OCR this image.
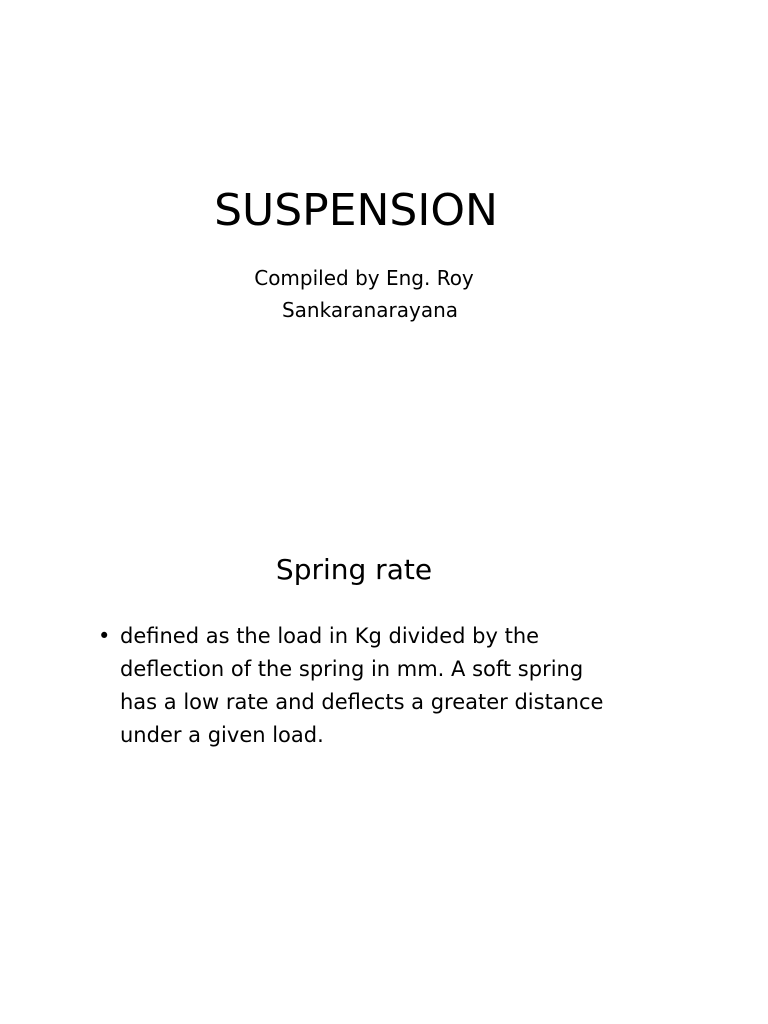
SUSPENSION
Compiled by Eng. Roy
Sankaranarayana
Spring rate
• defined as the load in Kg divided by the deflection of the spring in mm. A soft spring has a low rate and deflects a greater distance under a given load.
